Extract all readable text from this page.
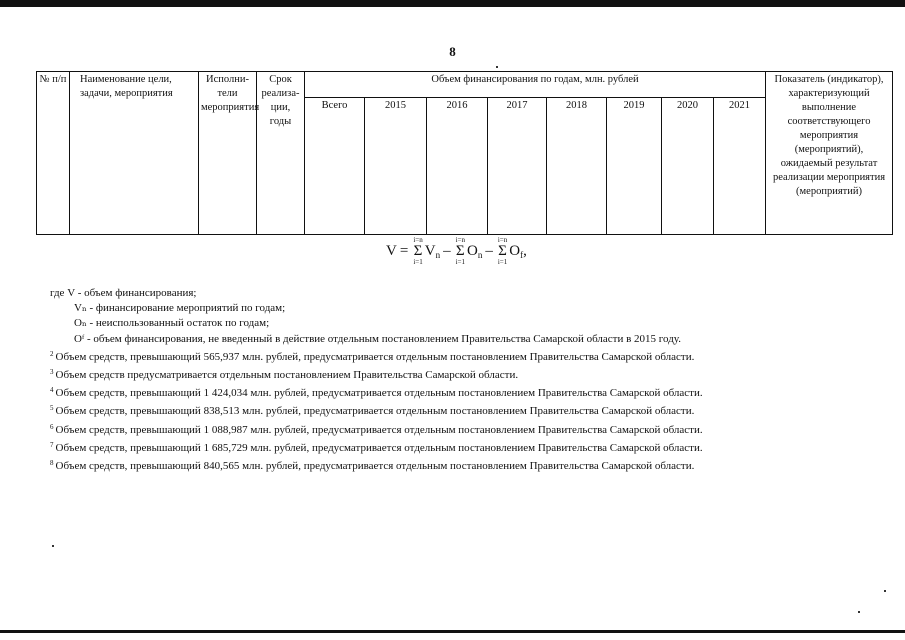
8
№ п/п	Наименование цели, задачи, мероприятия	Исполни- тели мероприятия	Срок реализа- ции, годы	Объем финансирования по годам, млн. рублей								Показатель (индикатор), характеризующий выполнение соответствующего мероприятия (мероприятий), ожидаемый результат реализации мероприятия (мероприятий)
				Всего	2015	2016	2017	2018	2019	2020	2021	
V =
i=n
Σ
i=1
$V_n$ –
i=n
Σ
i=1
$O_n$ –
i=n
Σ
i=1
$O_f$,
где V - объем финансирования;
Vₙ - финансирование мероприятий по годам;
Oₙ - неиспользованный остаток по годам;
Oᶠ - объем финансирования, не введенный в действие отдельным постановлением Правительства Самарской области в 2015 году.
$^2$ Объем средств, превышающий 565,937 млн. рублей, предусматривается отдельным постановлением Правительства Самарской области.
$^3$ Объем средств предусматривается отдельным постановлением Правительства Самарской области.
$^4$ Объем средств, превышающий 1 424,034 млн. рублей, предусматривается отдельным постановлением Правительства Самарской области.
$^5$ Объем средств, превышающий 838,513 млн. рублей, предусматривается отдельным постановлением Правительства Самарской области.
$^6$ Объем средств, превышающий 1 088,987 млн. рублей, предусматривается отдельным постановлением Правительства Самарской области.
$^7$ Объем средств, превышающий 1 685,729 млн. рублей, предусматривается отдельным постановлением Правительства Самарской области.
$^8$ Объем средств, превышающий 840,565 млн. рублей, предусматривается отдельным постановлением Правительства Самарской области.
